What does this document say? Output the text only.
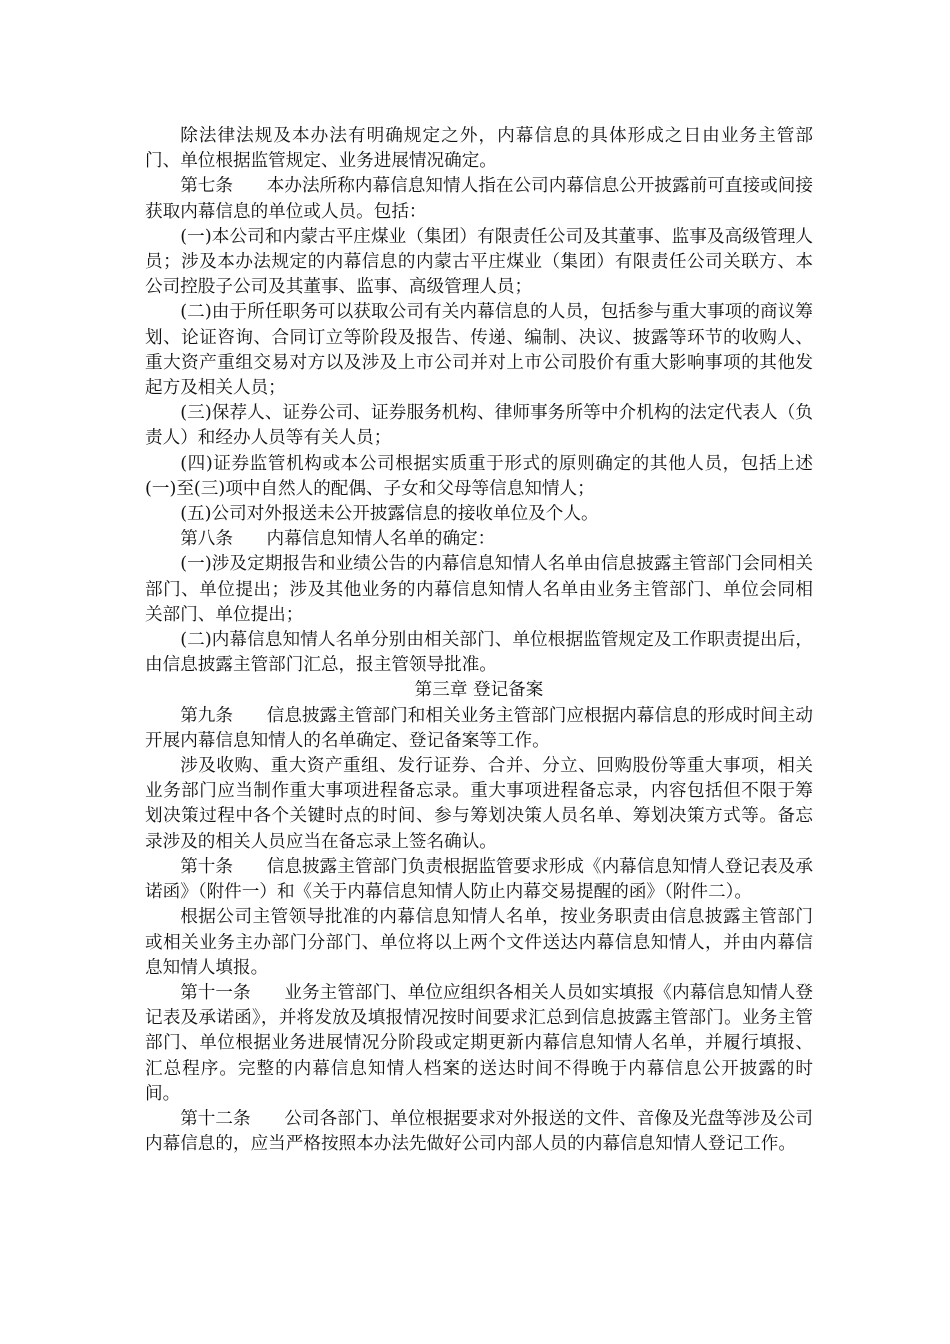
除法律法规及本办法有明确规定之外，内幕信息的具体形成之日由业务主管部门、单位根据监管规定、业务进展情况确定。

第七条 本办法所称内幕信息知情人指在公司内幕信息公开披露前可直接或间接获取内幕信息的单位或人员。包括：

(一)本公司和内蒙古平庄煤业（集团）有限责任公司及其董事、监事及高级管理人员；涉及本办法规定的内幕信息的内蒙古平庄煤业（集团）有限责任公司关联方、本公司控股子公司及其董事、监事、高级管理人员；

(二)由于所任职务可以获取公司有关内幕信息的人员，包括参与重大事项的商议筹划、论证咨询、合同订立等阶段及报告、传递、编制、决议、披露等环节的收购人、重大资产重组交易对方以及涉及上市公司并对上市公司股价有重大影响事项的其他发起方及相关人员；

(三)保荐人、证券公司、证券服务机构、律师事务所等中介机构的法定代表人（负责人）和经办人员等有关人员；

(四)证券监管机构或本公司根据实质重于形式的原则确定的其他人员，包括上述(一)至(三)项中自然人的配偶、子女和父母等信息知情人；

(五)公司对外报送未公开披露信息的接收单位及个人。

第八条 内幕信息知情人名单的确定：

(一)涉及定期报告和业绩公告的内幕信息知情人名单由信息披露主管部门会同相关部门、单位提出；涉及其他业务的内幕信息知情人名单由业务主管部门、单位会同相关部门、单位提出；

(二)内幕信息知情人名单分别由相关部门、单位根据监管规定及工作职责提出后，由信息披露主管部门汇总，报主管领导批准。

第三章 登记备案

第九条 信息披露主管部门和相关业务主管部门应根据内幕信息的形成时间主动开展内幕信息知情人的名单确定、登记备案等工作。

涉及收购、重大资产重组、发行证券、合并、分立、回购股份等重大事项，相关业务部门应当制作重大事项进程备忘录。重大事项进程备忘录，内容包括但不限于筹划决策过程中各个关键时点的时间、参与筹划决策人员名单、筹划决策方式等。备忘录涉及的相关人员应当在备忘录上签名确认。

第十条 信息披露主管部门负责根据监管要求形成《内幕信息知情人登记表及承诺函》（附件一）和《关于内幕信息知情人防止内幕交易提醒的函》（附件二）。

根据公司主管领导批准的内幕信息知情人名单，按业务职责由信息披露主管部门或相关业务主办部门分部门、单位将以上两个文件送达内幕信息知情人，并由内幕信息知情人填报。

第十一条 业务主管部门、单位应组织各相关人员如实填报《内幕信息知情人登记表及承诺函》，并将发放及填报情况按时间要求汇总到信息披露主管部门。业务主管部门、单位根据业务进展情况分阶段或定期更新内幕信息知情人名单，并履行填报、汇总程序。完整的内幕信息知情人档案的送达时间不得晚于内幕信息公开披露的时间。

第十二条 公司各部门、单位根据要求对外报送的文件、音像及光盘等涉及公司内幕信息的，应当严格按照本办法先做好公司内部人员的内幕信息知情人登记工作。
